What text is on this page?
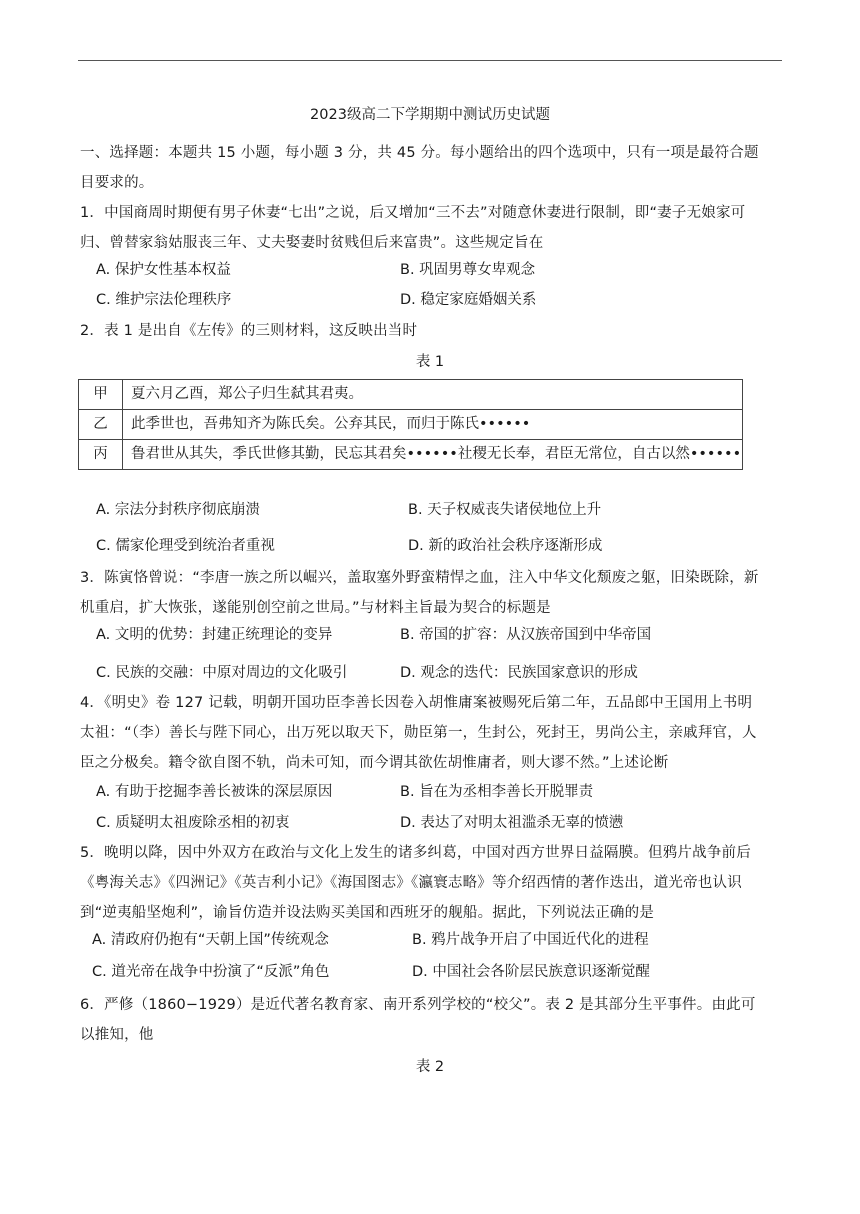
2023级高二下学期期中测试历史试题
一、选择题：本题共 15 小题，每小题 3 分，共 45 分。每小题给出的四个选项中，只有一项是最符合题目要求的。
1．中国商周时期便有男子休妻“七出”之说，后又增加“三不去”对随意休妻进行限制，即“妻子无娘家可归、曾替家翁姑服丧三年、丈夫娶妻时贫贱但后来富贵”。这些规定旨在
A. 保护女性基本权益	B. 巩固男尊女卑观念
C. 维护宗法伦理秩序	D. 稳定家庭婚姻关系
2．表 1 是出自《左传》的三则材料，这反映出当时
表 1
甲	夏六月乙酉，郑公子归生弑其君夷。
乙	此季世也，吾弗知齐为陈氏矣。公弃其民，而归于陈氏••••••
丙	鲁君世从其失，季氏世修其勤，民忘其君矣••••••社稷无长奉，君臣无常位，自古以然••••••
A. 宗法分封秩序彻底崩溃	B. 天子权威丧失诸侯地位上升
C. 儒家伦理受到统治者重视	D. 新的政治社会秩序逐渐形成
3．陈寅恪曾说：“李唐一族之所以崛兴，盖取塞外野蛮精悍之血，注入中华文化颓废之躯，旧染既除，新机重启，扩大恢张，遂能别创空前之世局。”与材料主旨最为契合的标题是
A. 文明的优势：封建正统理论的变异	B. 帝国的扩容：从汉族帝国到中华帝国
C. 民族的交融：中原对周边的文化吸引	D. 观念的迭代：民族国家意识的形成
4．《明史》卷 127 记载，明朝开国功臣李善长因卷入胡惟庸案被赐死后第二年，五品郎中王国用上书明太祖：“（李）善长与陛下同心，出万死以取天下，勋臣第一，生封公，死封王，男尚公主，亲戚拜官，人臣之分极矣。籍令欲自图不轨，尚未可知，而今谓其欲佐胡惟庸者，则大谬不然。”上述论断
A. 有助于挖掘李善长被诛的深层原因	B. 旨在为丞相李善长开脱罪责
C. 质疑明太祖废除丞相的初衷	D. 表达了对明太祖滥杀无辜的愤懑
5．晚明以降，因中外双方在政治与文化上发生的诸多纠葛，中国对西方世界日益隔膜。但鸦片战争前后《粤海关志》《四洲记》《英吉利小记》《海国图志》《瀛寰志略》等介绍西情的著作迭出，道光帝也认识到“逆夷船坚炮利”，谕旨仿造并设法购买美国和西班牙的舰船。据此，下列说法正确的是
A. 清政府仍抱有“天朝上国”传统观念	B. 鸦片战争开启了中国近代化的进程
C. 道光帝在战争中扮演了“反派”角色	D. 中国社会各阶层民族意识逐渐觉醒
6．严修（1860−1929）是近代著名教育家、南开系列学校的“校父”。表 2 是其部分生平事件。由此可以推知，他
表 2
